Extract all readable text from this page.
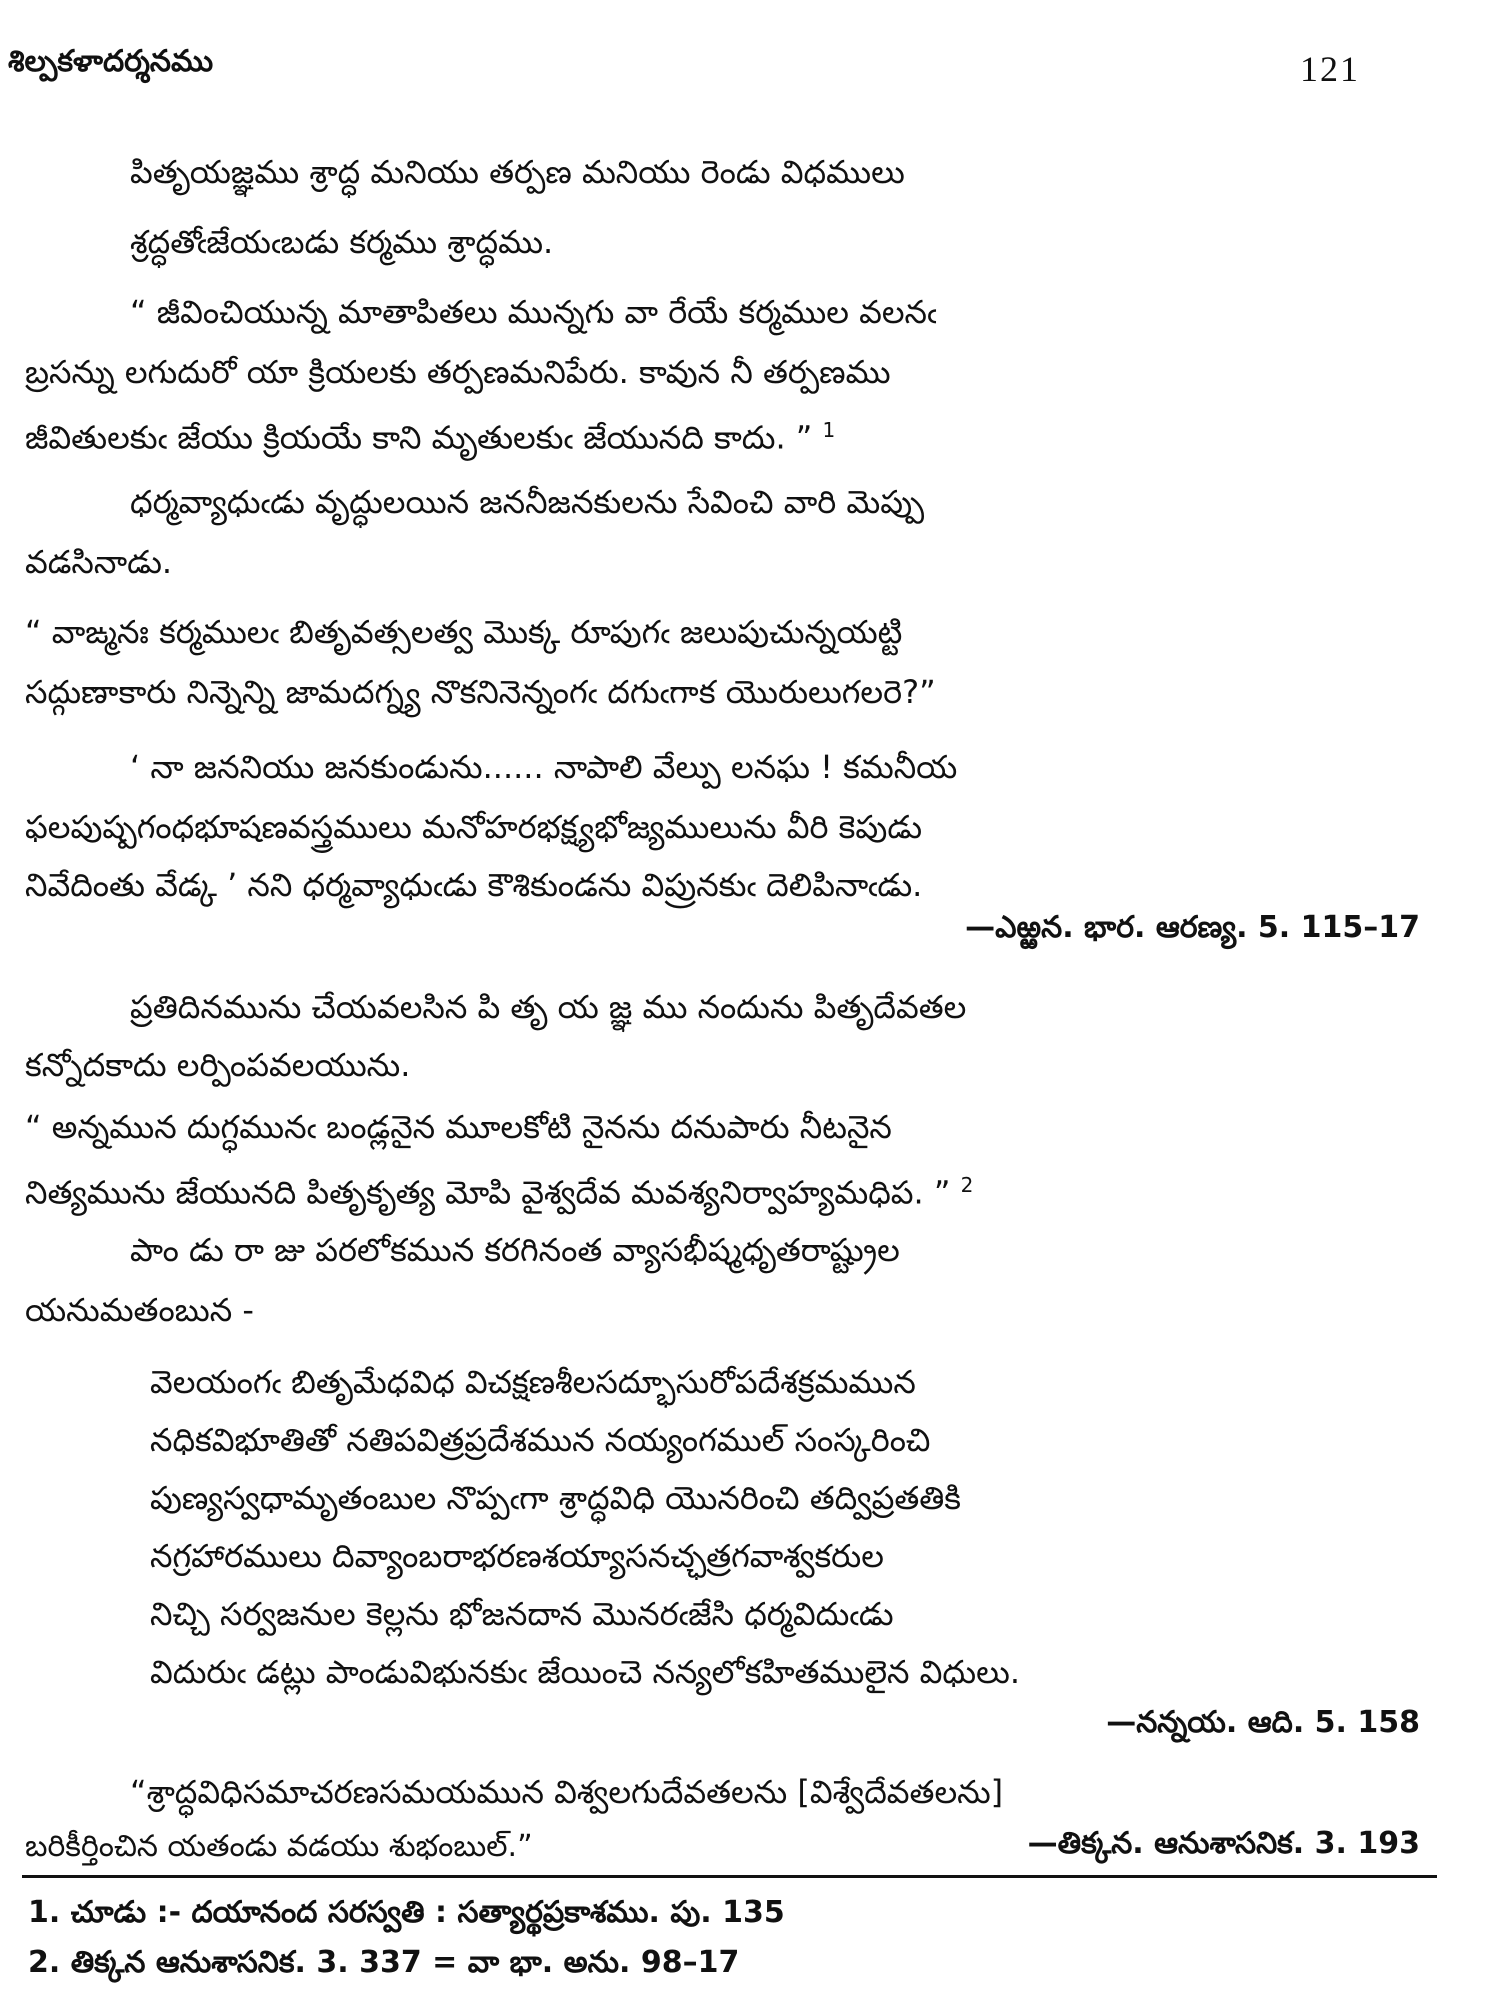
శిల్పకళాదర్శనము	121
పితృయజ్ఞము శ్రాద్ధ మనియు తర్పణ మనియు రెండు విధములు
శ్రద్ధతోఁజేయఁబడు కర్మము శ్రాద్ధము.
“ జీవించియున్న మాతాపితలు మున్నగు వా రేయే కర్మముల వలనఁ
బ్రసన్ను లగుదురో యా క్రియలకు తర్పణమనిపేరు. కావున నీ తర్పణము
జీవితులకుఁ జేయు క్రియయే కాని మృతులకుఁ జేయునది కాదు. ” $^1$
ధర్మవ్యాధుఁడు వృద్ధులయిన జననీజనకులను సేవించి వారి మెప్పు
వడసినాడు.
“ వాఙ్మనః కర్మములఁ బితృవత్సలత్వ మొక్క రూపుగఁ జలుపుచున్నయట్టి
సద్గుణాకారు నిన్నెన్ని జామదగ్న్య నొకనినెన్నంగఁ దగుఁగాక యొరులుగలరె?”
‘ నా జననియు జనకుండును...... నాపాలి వేల్పు లనఘ ! కమనీయ
ఫలపుష్పగంధభూషణవస్త్రములు మనోహరభక్ష్యభోజ్యములును వీరి కెపుడు
నివేదింతు వేడ్క ’ నని ధర్మవ్యాధుఁడు కౌశికుండను విప్రునకుఁ దెలిపినాఁడు.
—ఎఱ్ఱన. భార. ఆరణ్య. 5. 115–17
ప్రతిదినమును చేయవలసిన పి తృ య జ్ఞ ము నందును పితృదేవతల
కన్నోదకాదు లర్పింపవలయును.
“ అన్నమున దుగ్ధమునఁ బండ్లనైన మూలకోటి నైనను దనుపారు నీటనైన
నిత్యమును జేయునది పితృకృత్య మోపి వైశ్వదేవ మవశ్యనిర్వాహ్యమధిప. ” $^2$
పాం డు రా జు పరలోకమున కరగినంత వ్యాసభీష్మధృతరాష్ట్రుల
యనుమతంబున -
వెలయంగఁ బితృమేధవిధ విచక్షణశీలసద్భూసురోపదేశక్రమమున
నధికవిభూతితో నతిపవిత్రప్రదేశమున నయ్యంగముల్ సంస్కరించి
పుణ్యస్వధామృతంబుల నొప్పఁగా శ్రాద్ధవిధి యొనరించి తద్విప్రతతికి
నగ్రహారములు దివ్యాంబరాభరణశయ్యాసనచ్ఛత్రగవాశ్వకరుల
నిచ్చి సర్వజనుల కెల్లను భోజనదాన మొనరఁజేసి ధర్మవిదుఁడు
విదురుఁ డట్లు పాండువిభునకుఁ జేయించె నన్యలోకహితములైన విధులు.
—నన్నయ. ఆది. 5. 158
“శ్రాద్ధవిధిసమాచరణసమయమున విశ్వలగుదేవతలను [విశ్వేదేవతలను]
బరికీర్తించిన యతండు వడయు శుభంబుల్.”	—తిక్కన. ఆనుశాసనిక. 3. 193
1. చూడు :- దయానంద సరస్వతి : సత్యార్థప్రకాశము. పు. 135
2. తిక్కన ఆనుశాసనిక. 3. 337 = వా భా. అను. 98–17
